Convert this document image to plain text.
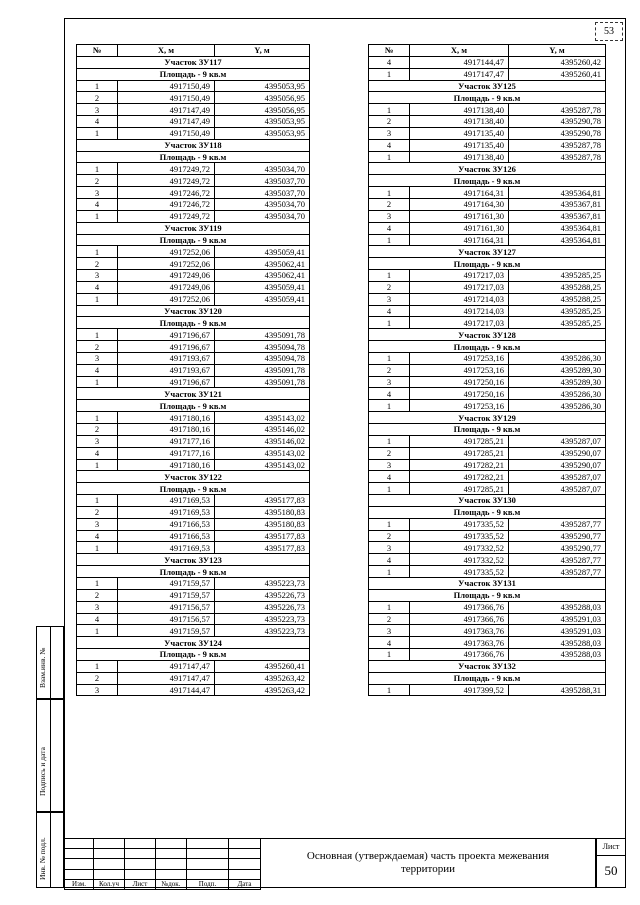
53
№	X, м	Y, м
Участок ЗУ117		
Площадь - 9 кв.м		
1	4917150,49	4395053,95
2	4917150,49	4395056,95
3	4917147,49	4395056,95
4	4917147,49	4395053,95
1	4917150,49	4395053,95
Участок ЗУ118		
Площадь - 9 кв.м		
1	4917249,72	4395034,70
2	4917249,72	4395037,70
3	4917246,72	4395037,70
4	4917246,72	4395034,70
1	4917249,72	4395034,70
Участок ЗУ119		
Площадь - 9 кв.м		
1	4917252,06	4395059,41
2	4917252,06	4395062,41
3	4917249,06	4395062,41
4	4917249,06	4395059,41
1	4917252,06	4395059,41
Участок ЗУ120		
Площадь - 9 кв.м		
1	4917196,67	4395091,78
2	4917196,67	4395094,78
3	4917193,67	4395094,78
4	4917193,67	4395091,78
1	4917196,67	4395091,78
Участок ЗУ121		
Площадь - 9 кв.м		
1	4917180,16	4395143,02
2	4917180,16	4395146,02
3	4917177,16	4395146,02
4	4917177,16	4395143,02
1	4917180,16	4395143,02
Участок ЗУ122		
Площадь - 9 кв.м		
1	4917169,53	4395177,83
2	4917169,53	4395180,83
3	4917166,53	4395180,83
4	4917166,53	4395177,83
1	4917169,53	4395177,83
Участок ЗУ123		
Площадь - 9 кв.м		
1	4917159,57	4395223,73
2	4917159,57	4395226,73
3	4917156,57	4395226,73
4	4917156,57	4395223,73
1	4917159,57	4395223,73
Участок ЗУ124		
Площадь - 9 кв.м		
1	4917147,47	4395260,41
2	4917147,47	4395263,42
3	4917144,47	4395263,42
№	X, м	Y, м
4	4917144,47	4395260,42
1	4917147,47	4395260,41
Участок ЗУ125		
Площадь - 9 кв.м		
1	4917138,40	4395287,78
2	4917138,40	4395290,78
3	4917135,40	4395290,78
4	4917135,40	4395287,78
1	4917138,40	4395287,78
Участок ЗУ126		
Площадь - 9 кв.м		
1	4917164,31	4395364,81
2	4917164,30	4395367,81
3	4917161,30	4395367,81
4	4917161,30	4395364,81
1	4917164,31	4395364,81
Участок ЗУ127		
Площадь - 9 кв.м		
1	4917217,03	4395285,25
2	4917217,03	4395288,25
3	4917214,03	4395288,25
4	4917214,03	4395285,25
1	4917217,03	4395285,25
Участок ЗУ128		
Площадь - 9 кв.м		
1	4917253,16	4395286,30
2	4917253,16	4395289,30
3	4917250,16	4395289,30
4	4917250,16	4395286,30
1	4917253,16	4395286,30
Участок ЗУ129		
Площадь - 9 кв.м		
1	4917285,21	4395287,07
2	4917285,21	4395290,07
3	4917282,21	4395290,07
4	4917282,21	4395287,07
1	4917285,21	4395287,07
Участок ЗУ130		
Площадь - 9 кв.м		
1	4917335,52	4395287,77
2	4917335,52	4395290,77
3	4917332,52	4395290,77
4	4917332,52	4395287,77
1	4917335,52	4395287,77
Участок ЗУ131		
Площадь - 9 кв.м		
1	4917366,76	4395288,03
2	4917366,76	4395291,03
3	4917363,76	4395291,03
4	4917363,76	4395288,03
1	4917366,76	4395288,03
Участок ЗУ132		
Площадь - 9 кв.м		
1	4917399,52	4395288,31
Взам.инв. №
Подпись и дата
Инв. № подл.

Изм.	Кол.уч	Лист	№док.	Подп.	Дата
Основная (утверждаемая) часть проекта межевания территории
Лист
50
